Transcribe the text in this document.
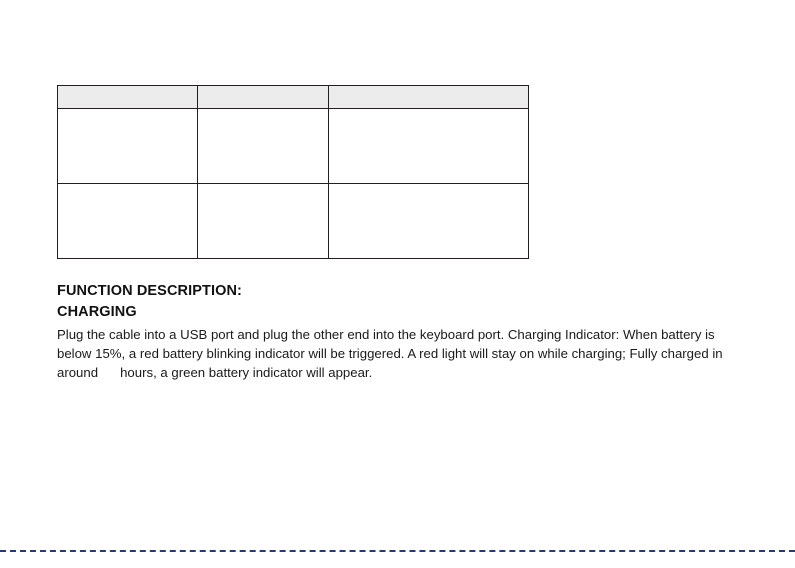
FUNCTION DESCRIPTION:
CHARGING

Plug the cable into a USB port and plug the other end into the keyboard port. Charging Indicator: When battery is below 15%, a red battery blinking indicator will be triggered. A red light will stay on while charging; Fully charged in around hours, a green battery indicator will appear.
